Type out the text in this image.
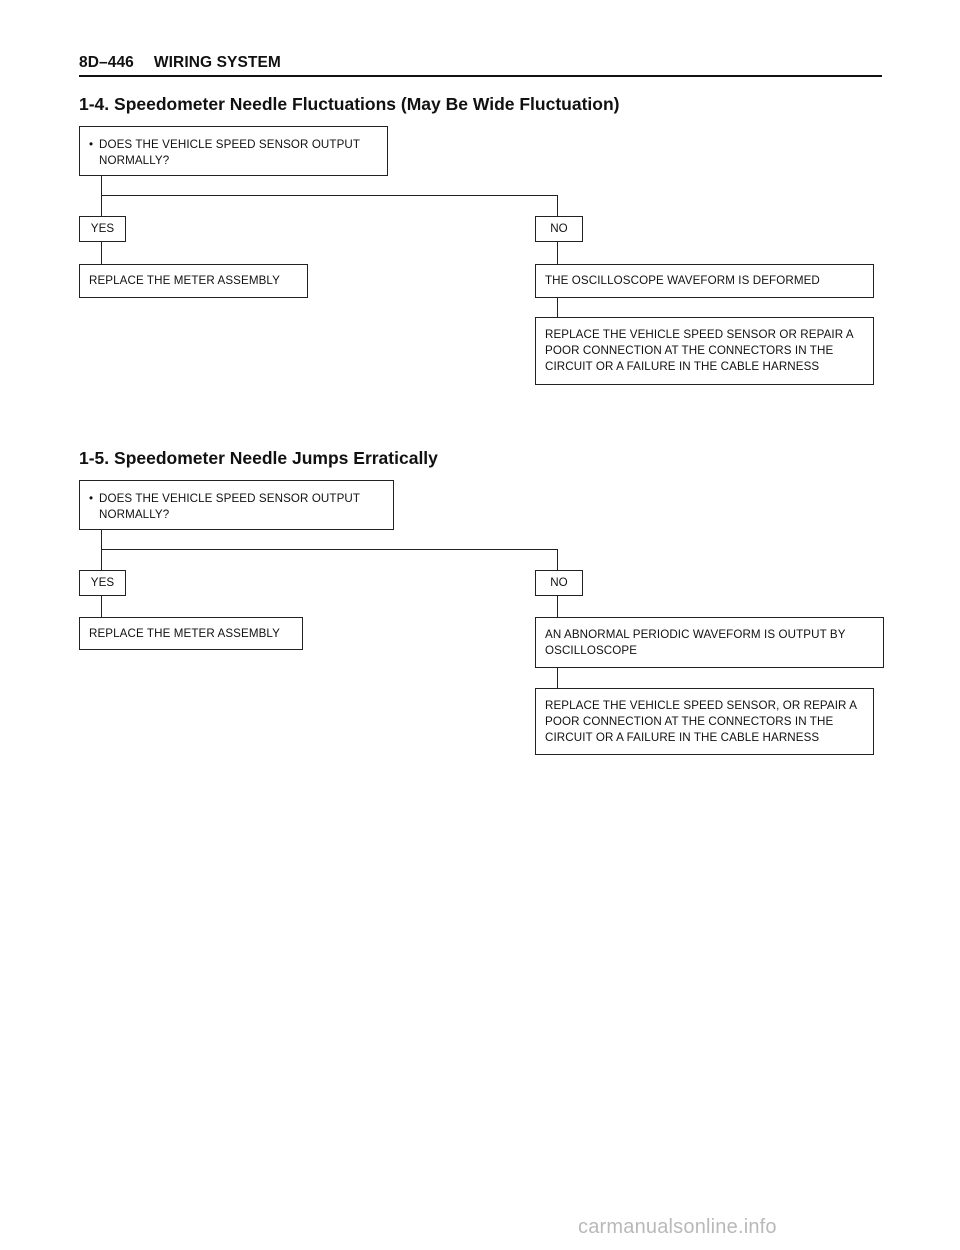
8D–446 WIRING SYSTEM
1-4. Speedometer Needle Fluctuations (May Be Wide Fluctuation)
• DOES THE VEHICLE SPEED SENSOR OUTPUT NORMALLY?
YES	NO
REPLACE THE METER ASSEMBLY	THE OSCILLOSCOPE WAVEFORM IS DEFORMED
REPLACE THE VEHICLE SPEED SENSOR OR REPAIR A POOR CONNECTION AT THE CONNECTORS IN THE CIRCUIT OR A FAILURE IN THE CABLE HARNESS
1-5. Speedometer Needle Jumps Erratically
• DOES THE VEHICLE SPEED SENSOR OUTPUT NORMALLY?
YES	NO
REPLACE THE METER ASSEMBLY	AN ABNORMAL PERIODIC WAVEFORM IS OUTPUT BY OSCILLOSCOPE
REPLACE THE VEHICLE SPEED SENSOR, OR REPAIR A POOR CONNECTION AT THE CONNECTORS IN THE CIRCUIT OR A FAILURE IN THE CABLE HARNESS
carmanualsonline.info
